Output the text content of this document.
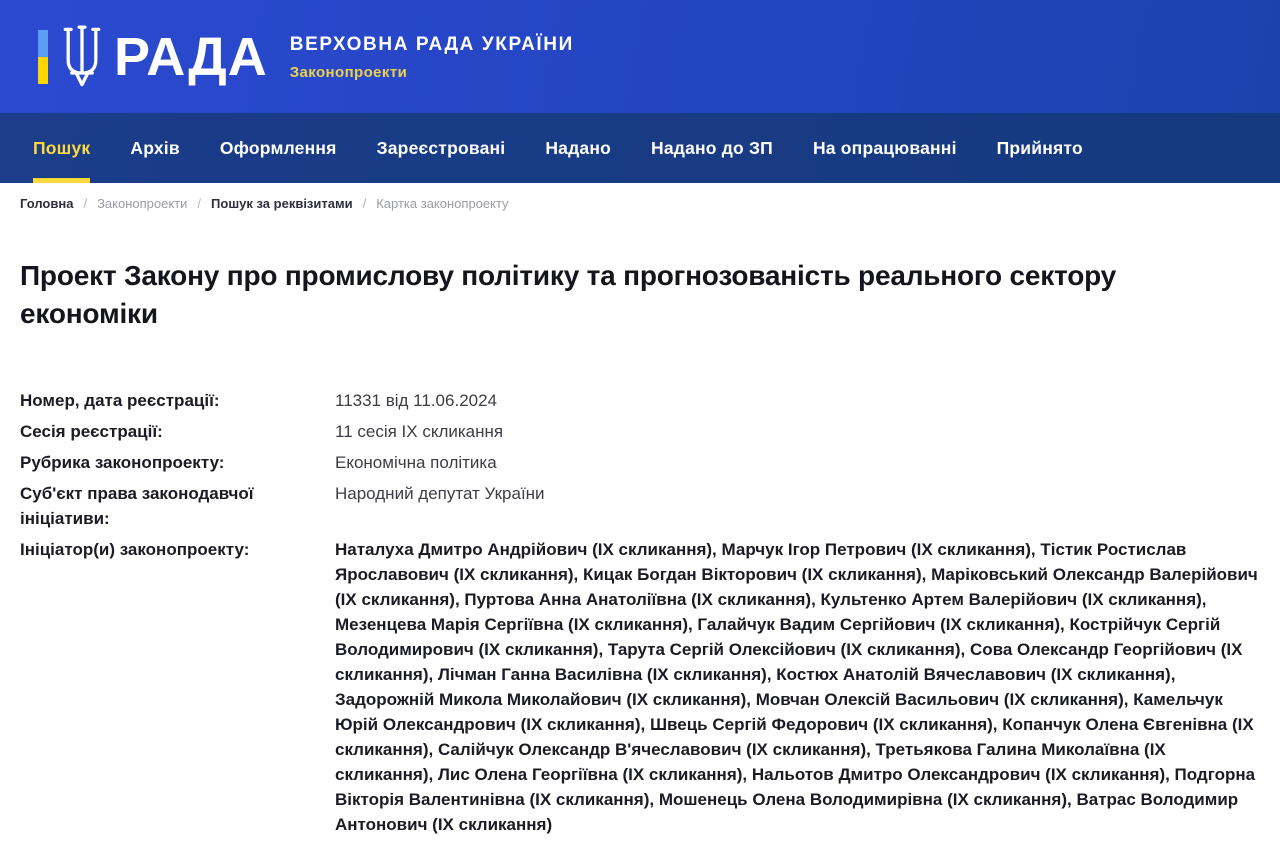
РАДА ВЕРХОВНА РАДА УКРАЇНИ
Законопроекти
Пошук Архів Оформлення Зареєстровані Надано Надано до ЗП На опрацюванні Прийнято
Головна / Законопроекти / Пошук за реквізитами / Картка законопроекту
Проект Закону про промислову політику та прогнозованість реального сектору економіки
Номер, дата реєстрації:	11331 від 11.06.2024
Сесія реєстрації:	11 сесія ІХ скликання
Рубрика законопроекту:	Економічна політика
Суб'єкт права законодавчої ініціативи:
Народний депутат України
Ініціатор(и) законопроекту:	Наталуха Дмитро Андрійович (ІХ скликання), Марчук Ігор Петрович (ІХ скликання), Тістик Ростислав Ярославович (ІХ скликання), Кицак Богдан Вікторович (ІХ скликання), Маріковський Олександр Валерійович (ІХ скликання), Пуртова Анна Анатоліївна (ІХ скликання), Культенко Артем Валерійович (ІХ скликання), Мезенцева Марія Сергіївна (ІХ скликання), Галайчук Вадим Сергійович (ІХ скликання), Кострійчук Сергій Володимирович (ІХ скликання), Тарута Сергій Олексійович (ІХ скликання), Сова Олександр Георгійович (ІХ скликання), Лічман Ганна Василівна (ІХ скликання), Костюх Анатолій Вячеславович (ІХ скликання), Задорожній Микола Миколайович (ІХ скликання), Мовчан Олексій Васильович (ІХ скликання), Камельчук Юрій Олександрович (ІХ скликання), Швець Сергій Федорович (ІХ скликання), Копанчук Олена Євгенівна (ІХ скликання), Салійчук Олександр В'ячеславович (ІХ скликання), Третьякова Галина Миколаївна (ІХ скликання), Лис Олена Георгіївна (ІХ скликання), Нальотов Дмитро Олександрович (ІХ скликання), Подгорна Вікторія Валентинівна (ІХ скликання), Мошенець Олена Володимирівна (ІХ скликання), Ватрас Володимир Антонович (ІХ скликання)
